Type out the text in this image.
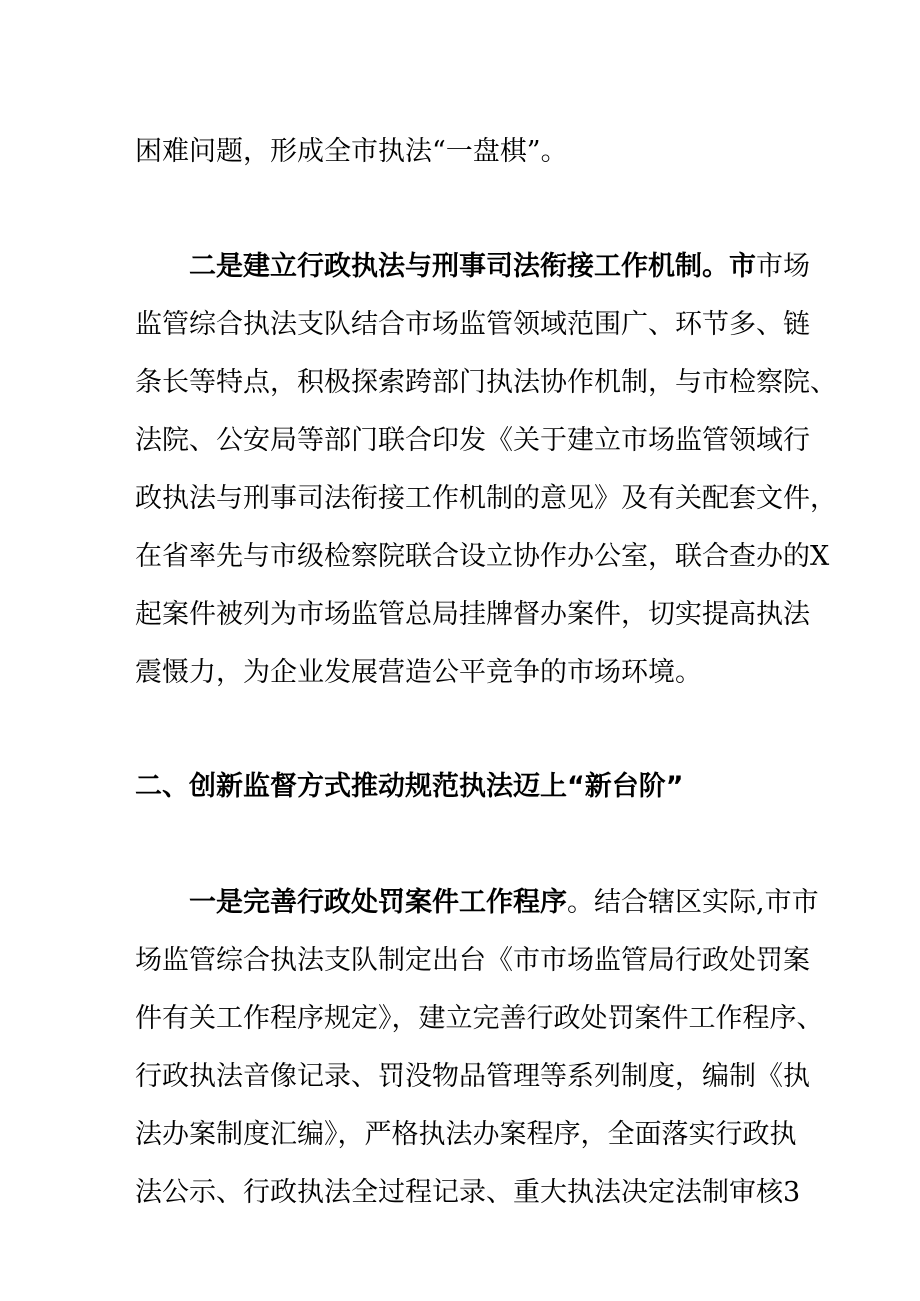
困难问题，形成全市执法“一盘棋”。
二是建立行政执法与刑事司法衔接工作机制。市市场
监管综合执法支队结合市场监管领域范围广、环节多、链
条长等特点，积极探索跨部门执法协作机制，与市检察院、
法院、公安局等部门联合印发《关于建立市场监管领域行
政执法与刑事司法衔接工作机制的意见》及有关配套文件，
在省率先与市级检察院联合设立协作办公室，联合查办的X
起案件被列为市场监管总局挂牌督办案件，切实提高执法
震慑力，为企业发展营造公平竞争的市场环境。
二、创新监督方式推动规范执法迈上“新台阶”
一是完善行政处罚案件工作程序。结合辖区实际,市市
场监管综合执法支队制定出台《市市场监管局行政处罚案
件有关工作程序规定》，建立完善行政处罚案件工作程序、
行政执法音像记录、罚没物品管理等系列制度，编制《执
法办案制度汇编》，严格执法办案程序，全面落实行政执
法公示、行政执法全过程记录、重大执法决定法制审核3
